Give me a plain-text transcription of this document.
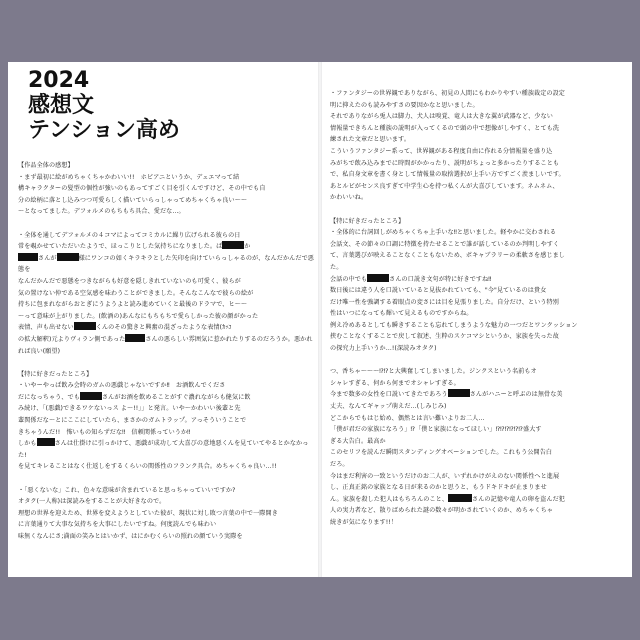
2024
感想文
テンション高め
【作品全体の感想】
・まず最初に絵がめちゃくちゃかわいい!!　ホビアニというか、デュエマって結
構キャラクターの髪型の個性が強いのもあってすごく目を引くんですけど、その中でも自
分の絵柄に落とし込みつつ可愛らしく描いていらっしゃってめちゃくちゃ良い〜〜
〜となってました。デフォルメのもちもち具合、愛だな…。
・全体を通してデフォルメの４コマによってコミカルに繰り広げられる彼らの日
常を覗かせていただいたようで、ほっこりとした気持ちになりました。ぱ	か
さんが	様にワンコの如くキラキラとした矢印を向けていらっしゃるのが、なんだかんだで悪態を
なんだかんだで悪態をつきながらも好意を隠しきれていないのも可愛く、彼らが
気の置けない仲である空気感を味わうことができました。そんなこんなで彼らの絵が
持ちに包まれながらおとぎにうようよと読み進めていくと最後のドラマで、ヒ〜〜
〜って意味が上がりました。(飲酒の)あんなにもちもちで愛らしかった彼の顔がかった
表情、声も出せない	くんのその驚きと興奮の混ざったような表情(ｶｯｺ
の拡大解釈)元よりヴィラン側であった	さんの悪らしい雰囲気に惹かれたりするのだろうか。悪かれれば良い(願望)
【特に好きだったところ】
・いやーやっぱ飲み会時のガムの悪戯じゃないですか‼︎　お酒飲んでくださ
だになっちゃう、でも	さんがお酒を飲めることがすぐ濃れながらも健気に飲
み続け、「(悪戯)できるワケないっス よ〜!!」」と発言。いや〜かわいい後輩と先
輩関係だな〜とにここにしていたら、まさかのガムトラップ。アっそういうことで
きちゃうんだ!!　怖いもの知らずだな‼︎　信頼関係っていうか‼︎
しかも	さんは仕掛けに引っかけて、悪戯が成功して大喜びの意地悪くんを見ていてやるとかなかった!
を見てキレることはなく仕返しをするくらいの関係性のフランク具合。めちゃくちゃ良い…!!
・「悪くないな」これ、色々な意味が含まれていると思っちゃっていいですか?
オタク(一人称)は深読みをすることが大好きなので。
理想の世界を迎えため、世界を変えようとしていた彼が、現状に対し敗つ言葉の中で一際開き
に言葉通りて大事な気持ちを大事にしたいですね。何度読んでも味わい
味無くなんにさ;満面の笑みとはいかず、はにかむくらいの照れの顔ていう実際を
・ファンタジーの世界観でありながら、初見の人間にもわかりやすい種族裁定の設定
明に抑えたのも読みやすさの要因かなと思いました。
それでありながら兎人は脚力、犬人は嗅覚、竜人は大きな翼が武器など、少ない
情報量できちんと種族の説明が入ってくるので頭の中で想像がしやすく、とても洗
練された文章だと思います。
こういうファンタジー系って、世界観がある程度自由に作れる分情報量を盛り込
みがちで飲み込みまでに時間がかかったり、説明がちょっと多かったりすることも
で、私自身文章を書く身として情報量の取捨選択が上手い方ですごく羨ましいです。
あとルビがセンス良すぎて中学生心を持つ私くんが大喜びしています。ネムネム、
かわいいね。
【特に好きだったところ】
・全体的に台詞回しがめちゃくちゃ上手いな‼︎と思いました。軽やかに交わされる
会話文、その節々の口調に特徴を持たせることで誰が話しているのか判明しやすく
て、言葉選びが映えることなくこともないため、ボキャブラリーの柔軟さを感じまし
た。
会話の中でも	さんの口説き文句が特に好きですね‼︎
数日後には違う人を口説いていると見抜かれていても、"今"見ているのは貴女
だけ唯一性を強調する着眼点の変さには目を見張りました。自分だけ、という特別
性はいつになっても輝いて見えるものですからね。
例え冷めあるとしても瞬きすることも忘れてしまうような魅力の一つだとワンクッション
挟むことなくすることで戻して叙述、生粋のスケコマシというか、家族を失った故
の探究力上手いうか…!(深読みオタク)
つ、香ちゃ〜〜〜⁉︎⁉︎と大興奮してしまいました。ジンクスという名前もオ
シャレすぎる、何から何までオシャレすぎる。
今まで数多の女性を口説いてきたであろう	さんがハニーと呼ぶのは無骨な美
丈夫、なんてギャップ萌えだ…(しみじみ)
どこからでもはじ始め、偶然とは言い難いよりお二人…
「僕が君だの家族になろう」⁉︎「僕と家族になってほしい」⁉︎⁉︎⁉︎⁉︎⁉︎⁉︎盛大す
ぎる大告白。最高か
このセリフを読んだ瞬間スタンディングオベーションでした。これもう公開告白
だろ。
今はまだ利害の一致というだけのお二人が、いずれかけがえのない関係性へと進展
し、正真正銘の家族となる日が来るのかと思うと、もうドキドキが止まりませ
ん。家族を殺した犯人はもちろんのこと、	さんの記憶や竜人の卵を盗んだ犯
人の実力者など、散りばめられた謎の数々が明かされていくのか、めちゃくちゃ
続きが気になります!!！
